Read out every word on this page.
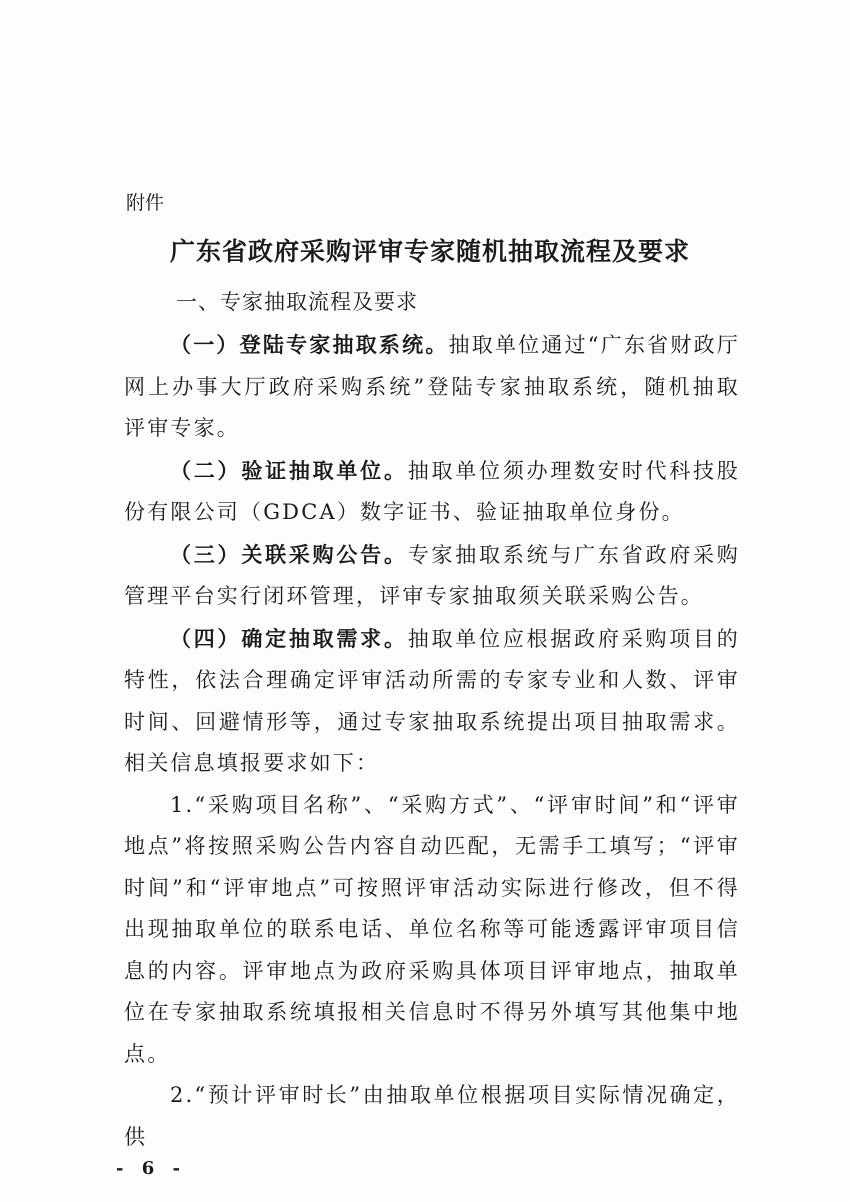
附件
广东省政府采购评审专家随机抽取流程及要求
一、专家抽取流程及要求

（一）登陆专家抽取系统。抽取单位通过“广东省财政厅网上办事大厅政府采购系统”登陆专家抽取系统，随机抽取评审专家。

（二）验证抽取单位。抽取单位须办理数安时代科技股份有限公司（GDCA）数字证书、验证抽取单位身份。

（三）关联采购公告。专家抽取系统与广东省政府采购管理平台实行闭环管理，评审专家抽取须关联采购公告。

（四）确定抽取需求。抽取单位应根据政府采购项目的特性，依法合理确定评审活动所需的专家专业和人数、评审时间、回避情形等，通过专家抽取系统提出项目抽取需求。相关信息填报要求如下：

1.“采购项目名称”、“采购方式”、“评审时间”和“评审地点”将按照采购公告内容自动匹配，无需手工填写；“评审时间”和“评审地点”可按照评审活动实际进行修改，但不得出现抽取单位的联系电话、单位名称等可能透露评审项目信息的内容。评审地点为政府采购具体项目评审地点，抽取单位在专家抽取系统填报相关信息时不得另外填写其他集中地点。

2.“预计评审时长”由抽取单位根据项目实际情况确定，供

- 6 -
